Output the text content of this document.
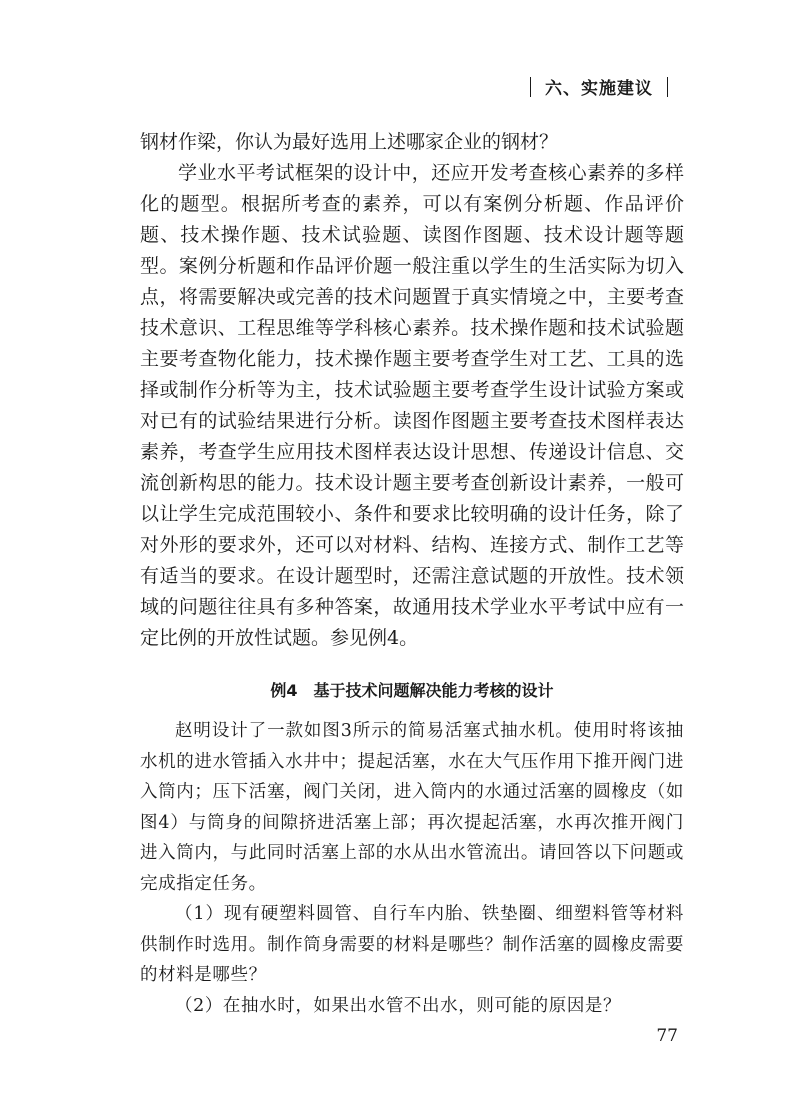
六、实施建议

钢材作梁，你认为最好选用上述哪家企业的钢材？

学业水平考试框架的设计中，还应开发考查核心素养的多样化的题型。根据所考查的素养，可以有案例分析题、作品评价题、技术操作题、技术试验题、读图作图题、技术设计题等题型。案例分析题和作品评价题一般注重以学生的生活实际为切入点，将需要解决或完善的技术问题置于真实情境之中，主要考查技术意识、工程思维等学科核心素养。技术操作题和技术试验题主要考查物化能力，技术操作题主要考查学生对工艺、工具的选择或制作分析等为主，技术试验题主要考查学生设计试验方案或对已有的试验结果进行分析。读图作图题主要考查技术图样表达素养，考查学生应用技术图样表达设计思想、传递设计信息、交流创新构思的能力。技术设计题主要考查创新设计素养，一般可以让学生完成范围较小、条件和要求比较明确的设计任务，除了对外形的要求外，还可以对材料、结构、连接方式、制作工艺等有适当的要求。在设计题型时，还需注意试题的开放性。技术领域的问题往往具有多种答案，故通用技术学业水平考试中应有一定比例的开放性试题。参见例4。

例4　基于技术问题解决能力考核的设计

赵明设计了一款如图3所示的简易活塞式抽水机。使用时将该抽水机的进水管插入水井中；提起活塞，水在大气压作用下推开阀门进入筒内；压下活塞，阀门关闭，进入筒内的水通过活塞的圆橡皮（如图4）与筒身的间隙挤进活塞上部；再次提起活塞，水再次推开阀门进入筒内，与此同时活塞上部的水从出水管流出。请回答以下问题或完成指定任务。

（1）现有硬塑料圆管、自行车内胎、铁垫圈、细塑料管等材料供制作时选用。制作筒身需要的材料是哪些？制作活塞的圆橡皮需要的材料是哪些？

（2）在抽水时，如果出水管不出水，则可能的原因是？

77
